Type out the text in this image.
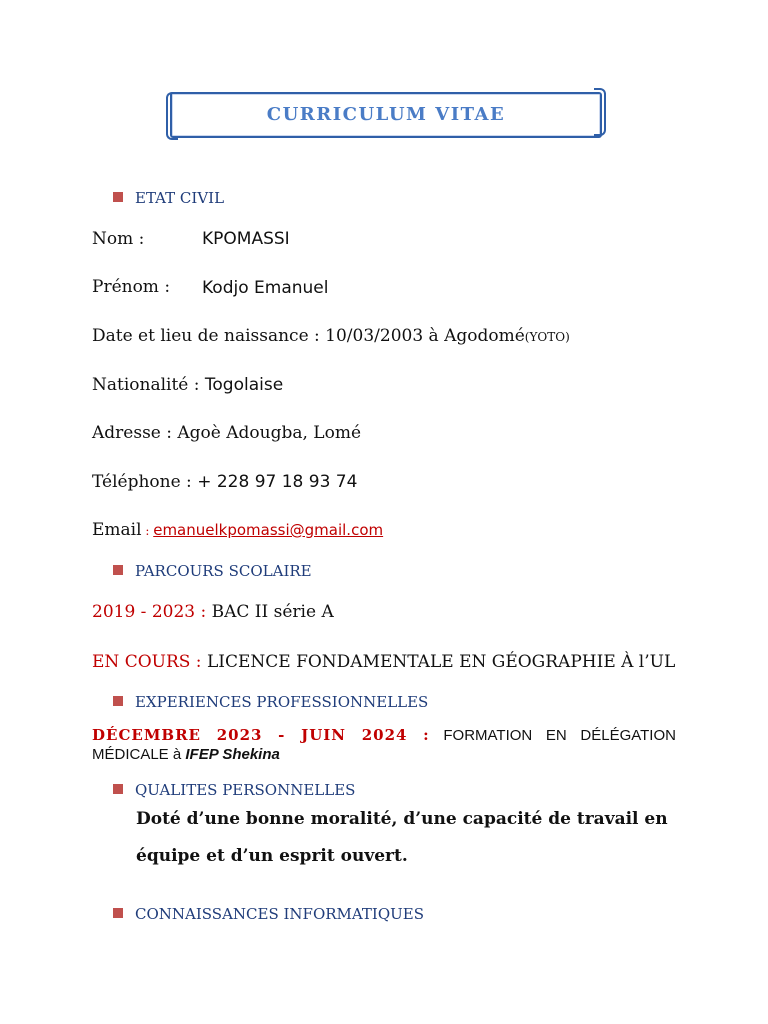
CURRICULUM VITAE
ETAT CIVIL
Nom :	KPOMASSI
Prénom : Kodjo Emanuel
Date et lieu de naissance : 10/03/2003 à Agodomé(YOTO)
Nationalité : Togolaise
Adresse : Agoè Adougba, Lomé
Téléphone : + 228 97 18 93 74
Email : emanuelkpomassi@gmail.com
PARCOURS SCOLAIRE
2019 - 2023 : BAC II série A
EN COURS : LICENCE FONDAMENTALE EN GÉOGRAPHIE À l’UL
EXPERIENCES PROFESSIONNELLES
DÉCEMBRE 2023 - JUIN 2024 : FORMATION EN DÉLÉGATION
MÉDICALE à IFEP Shekina
QUALITES PERSONNELLES
Doté d’une bonne moralité, d’une capacité de travail en
équipe et d’un esprit ouvert.
CONNAISSANCES INFORMATIQUES
